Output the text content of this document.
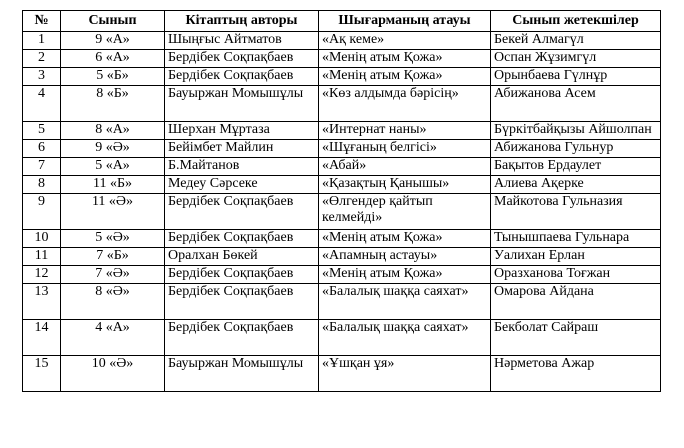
№	Сынып	Кітаптың авторы	Шығарманың атауы	Сынып жетекшілер
1	9 «А»	Шыңғыс Айтматов	«Ақ кеме»	Бекей Алмагүл
2	6 «А»	Бердібек Соқпақбаев	«Менің атым Қожа»	Оспан Жұзимгүл
3	5 «Б»	Бердібек Соқпақбаев	«Менің атым Қожа»	Орынбаева Гүлнұр
4	8 «Б»	Бауыржан Момышұлы	«Көз алдымда бәрісің»	Абижанова Асем
5	8 «А»	Шерхан Мұртаза	«Интернат наны»	Бүркітбайқызы Айшолпан
6	9 «Ә»	Бейімбет Майлин	«Шұғаның белгісі»	Абижанова Гульнур
7	5 «А»	Б.Майтанов	«Абай»	Бақытов Ердаулет
8	11 «Б»	Медеу Сәрсеке	«Қазақтың Қанышы»	Алиева Ақерке
9	11 «Ә»	Бердібек Соқпақбаев	«Өлгендер қайтып келмейді»	Майкотова Гульназия
10	5 «Ә»	Бердібек Соқпақбаев	«Менің атым Қожа»	Тынышпаева Гульнара
11	7 «Б»	Оралхан Бөкей	«Апамның астауы»	Уалихан Ерлан
12	7 «Ә»	Бердібек Соқпақбаев	«Менің атым Қожа»	Оразханова Тоғжан
13	8 «Ә»	Бердібек Соқпақбаев	«Балалық шаққа саяхат»	Омарова Айдана
14	4 «А»	Бердібек Соқпақбаев	«Балалық шаққа саяхат»	Бекболат Сайраш
15	10 «Ә»	Бауыржан Момышұлы	«Ұшқан ұя»	Нәрметова Ажар
